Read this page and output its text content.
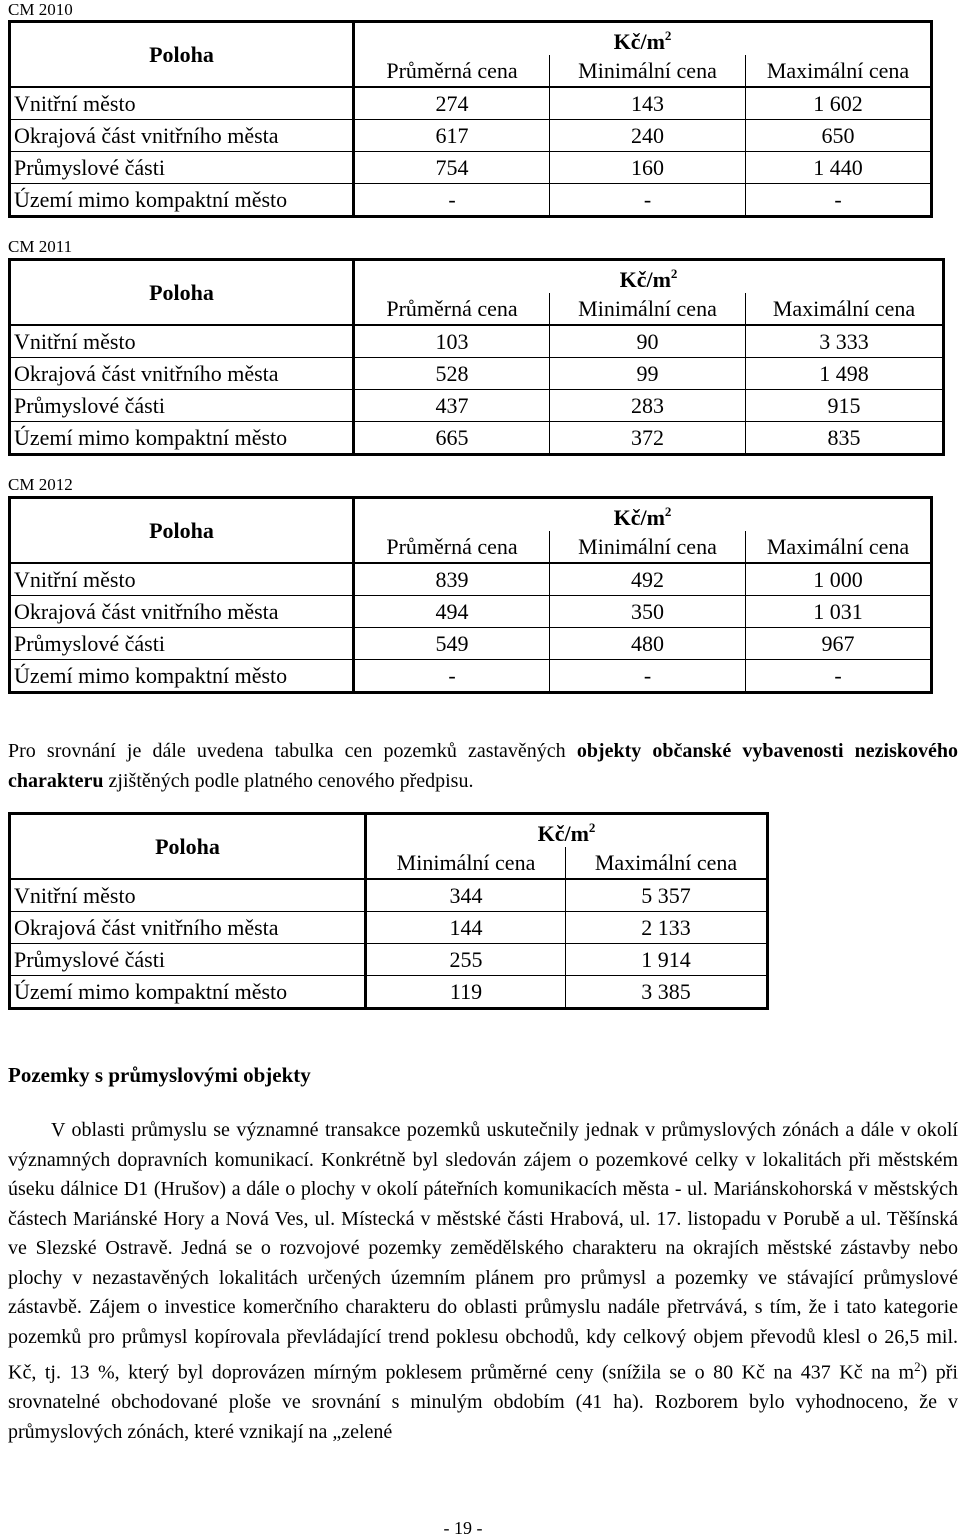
CM 2010
Poloha	$Kč/m^2$
	Průměrná cena	Minimální cena	Maximální cena
Vnitřní město	274	143	1 602
Okrajová část vnitřního města	617	240	650
Průmyslové části	754	160	1 440
Území mimo kompaktní město	-	-	-
CM 2011
Poloha	$Kč/m^2$
	Průměrná cena	Minimální cena	Maximální cena
Vnitřní město	103	90	3 333
Okrajová část vnitřního města	528	99	1 498
Průmyslové části	437	283	915
Území mimo kompaktní město	665	372	835
CM 2012
Poloha	$Kč/m^2$
	Průměrná cena	Minimální cena	Maximální cena
Vnitřní město	839	492	1 000
Okrajová část vnitřního města	494	350	1 031
Průmyslové části	549	480	967
Území mimo kompaktní město	-	-	-
Pro srovnání je dále uvedena tabulka cen pozemků zastavěných objekty občanské vybavenosti neziskového charakteru zjištěných podle platného cenového předpisu.
Poloha	$Kč/m^2$
	Minimální cena	Maximální cena
Vnitřní město	344	5 357
Okrajová část vnitřního města	144	2 133
Průmyslové části	255	1 914
Území mimo kompaktní město	119	3 385
Pozemky s průmyslovými objekty
V oblasti průmyslu se významné transakce pozemků uskutečnily jednak v průmyslových zónách a dále v okolí významných dopravních komunikací. Konkrétně byl sledován zájem o pozemkové celky v lokalitách při městském úseku dálnice D1 (Hrušov) a dále o plochy v okolí páteřních komunikacích města - ul. Mariánskohorská v městských částech Mariánské Hory a Nová Ves, ul. Místecká v městské části Hrabová, ul. 17. listopadu v Porubě a ul. Těšínská ve Slezské Ostravě. Jedná se o rozvojové pozemky zemědělského charakteru na okrajích městské zástavby nebo plochy v nezastavěných lokalitách určených územním plánem pro průmysl a pozemky ve stávající průmyslové zástavbě. Zájem o investice komerčního charakteru do oblasti průmyslu nadále přetrvává, s tím, že i tato kategorie pozemků pro průmysl kopírovala převládající trend poklesu obchodů, kdy celkový objem převodů klesl o 26,5 mil. Kč, tj. 13 %, který byl doprovázen mírným poklesem průměrné ceny (snížila se o 80 Kč na 437 Kč na $m^2$) při srovnatelné obchodované ploše ve srovnání s minulým obdobím (41 ha). Rozborem bylo vyhodnoceno, že v průmyslových zónách, které vznikají na „zelené
- 19 -
